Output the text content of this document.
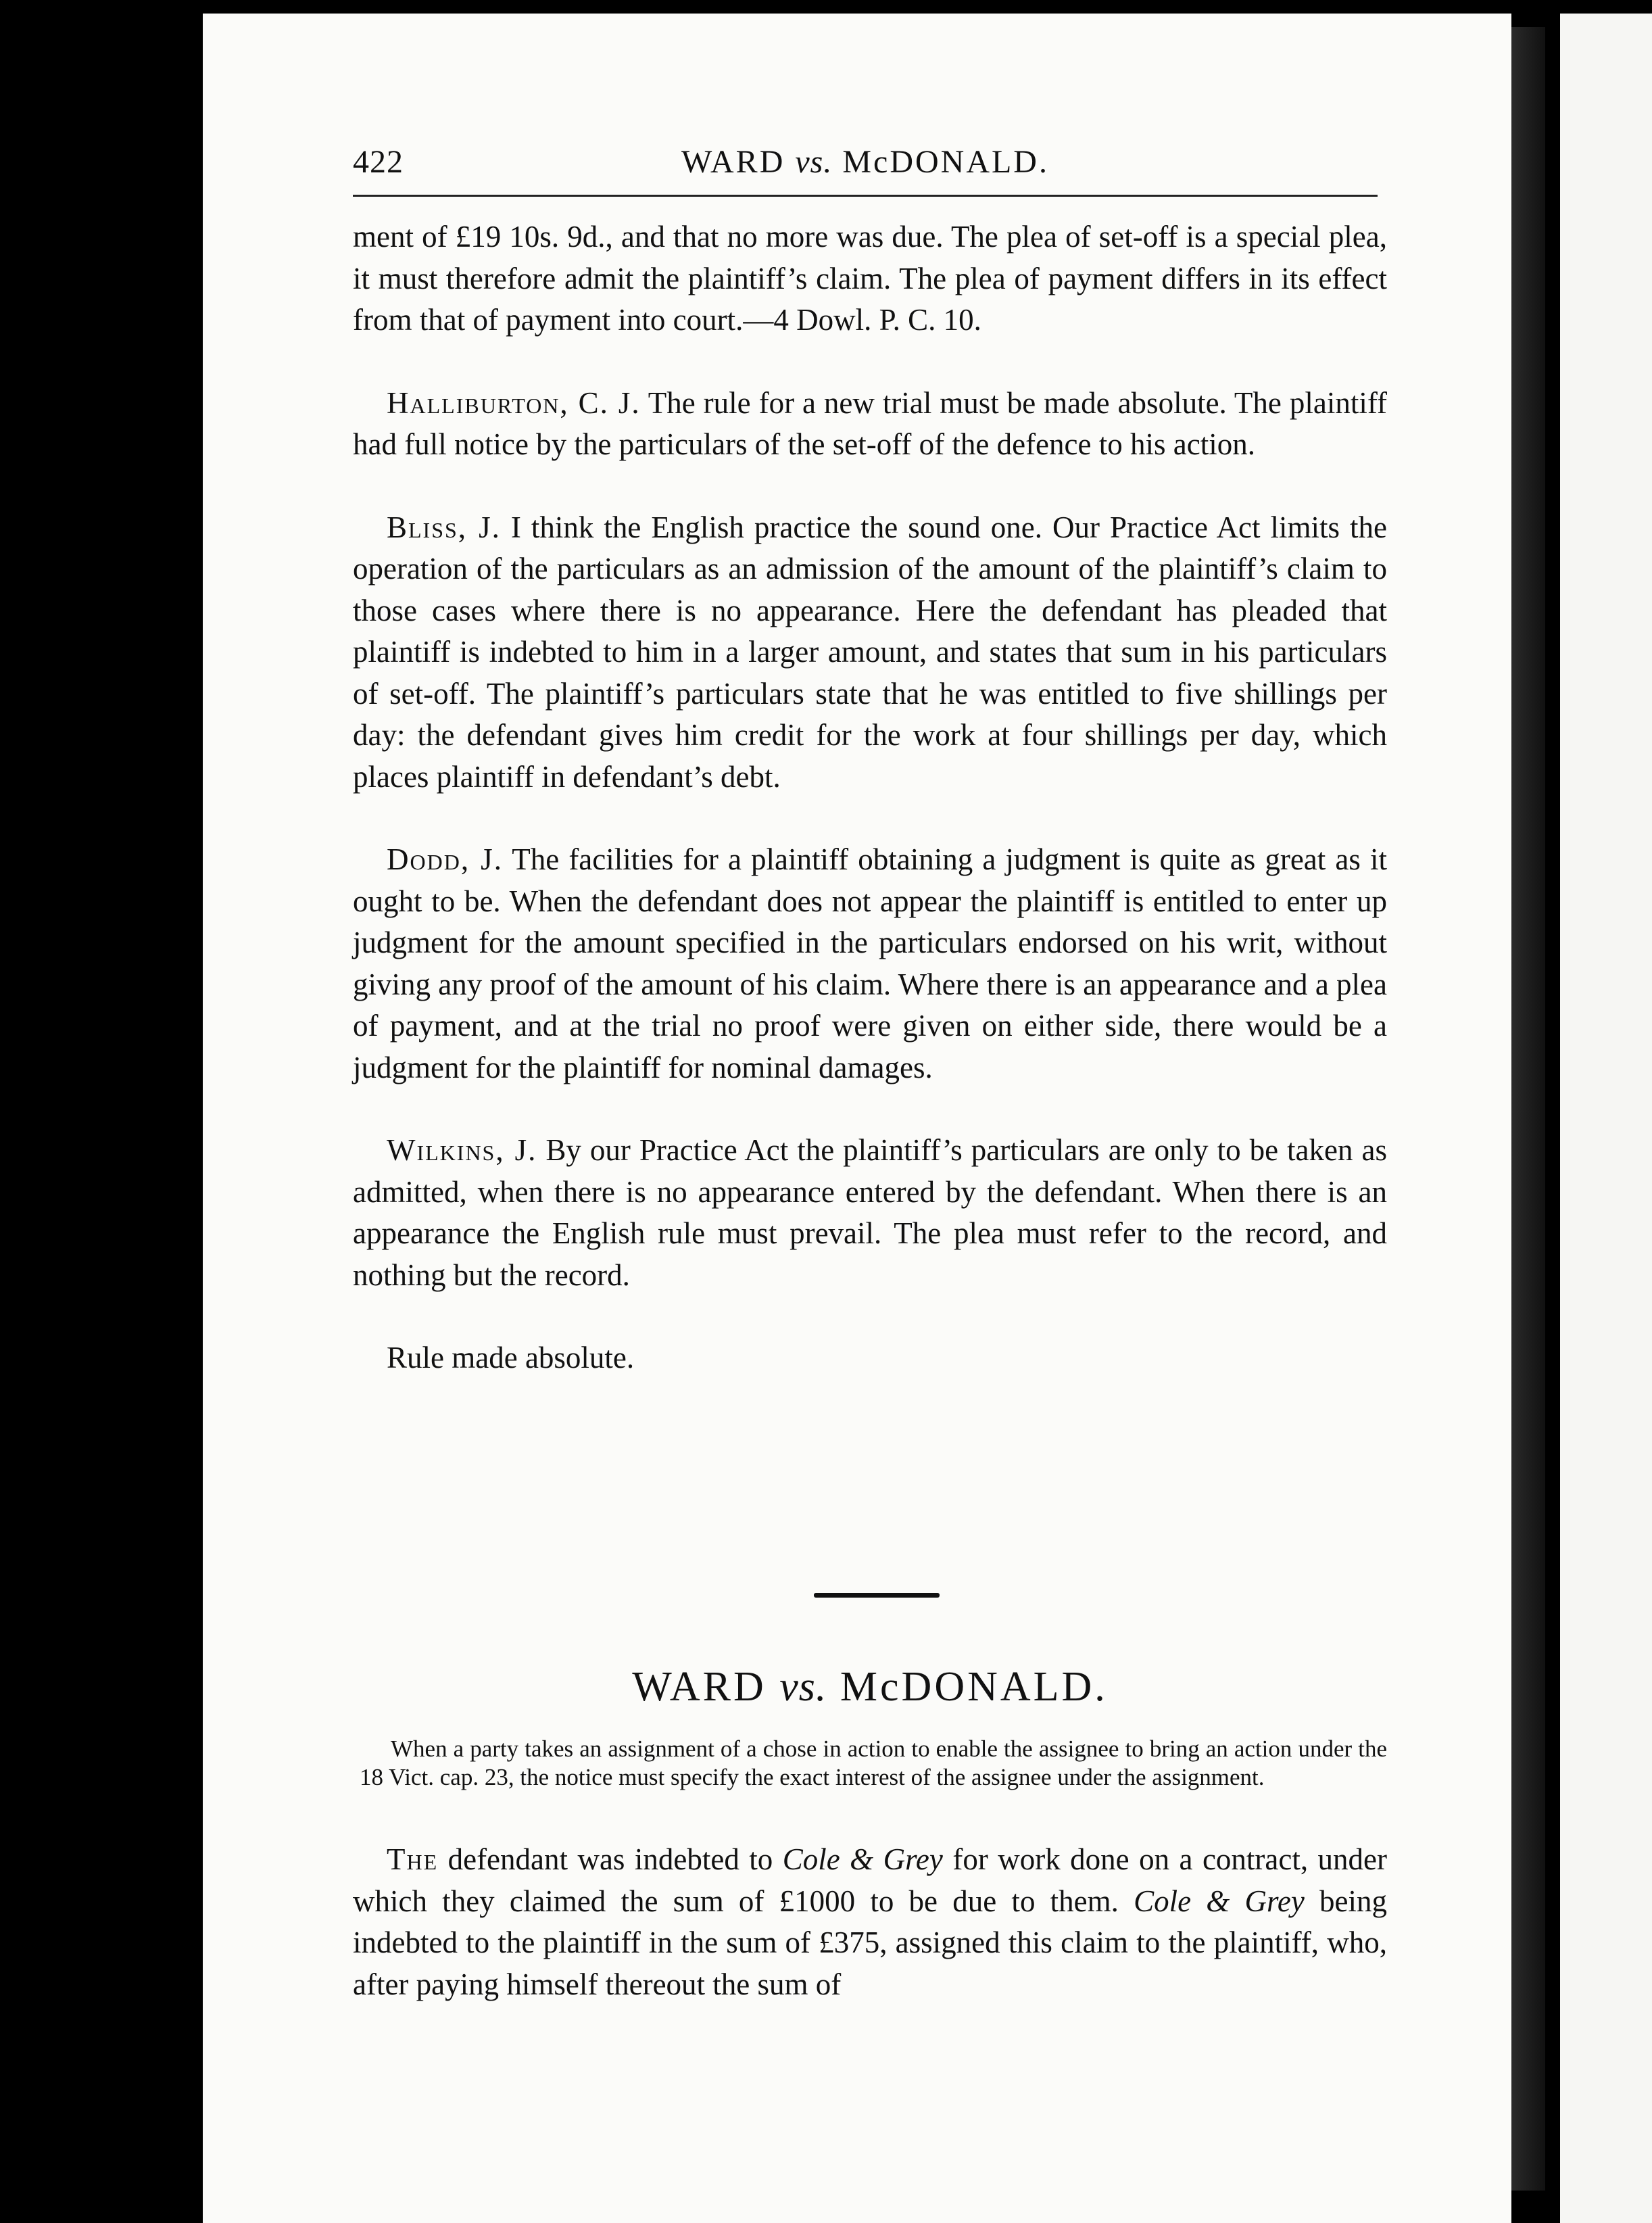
422	WARD vs. McDONALD.

ment of £19 10s. 9d., and that no more was due. The plea of set-off is a special plea, it must therefore admit the plaintiff’s claim. The plea of payment differs in its effect from that of payment into court.—4 Dowl. P. C. 10.

Halliburton, C. J. The rule for a new trial must be made absolute. The plaintiff had full notice by the particulars of the set-off of the defence to his action.

Bliss, J. I think the English practice the sound one. Our Practice Act limits the operation of the particulars as an admission of the amount of the plaintiff’s claim to those cases where there is no appearance. Here the defendant has pleaded that plaintiff is indebted to him in a larger amount, and states that sum in his particulars of set-off. The plaintiff’s particulars state that he was entitled to five shillings per day: the defendant gives him credit for the work at four shillings per day, which places plaintiff in defendant’s debt.

Dodd, J. The facilities for a plaintiff obtaining a judgment is quite as great as it ought to be. When the defendant does not appear the plaintiff is entitled to enter up judgment for the amount specified in the particulars endorsed on his writ, without giving any proof of the amount of his claim. Where there is an appearance and a plea of payment, and at the trial no proof were given on either side, there would be a judgment for the plaintiff for nominal damages.

Wilkins, J. By our Practice Act the plaintiff’s particulars are only to be taken as admitted, when there is no appearance entered by the defendant. When there is an appearance the English rule must prevail. The plea must refer to the record, and nothing but the record.

Rule made absolute.

WARD vs. McDONALD.
When a party takes an assignment of a chose in action to enable the assignee to bring an action under the 18 Vict. cap. 23, the notice must specify the exact interest of the assignee under the assignment.
The defendant was indebted to Cole & Grey for work done on a contract, under which they claimed the sum of £1000 to be due to them. Cole & Grey being indebted to the plaintiff in the sum of £375, assigned this claim to the plaintiff, who, after paying himself thereout the sum of
